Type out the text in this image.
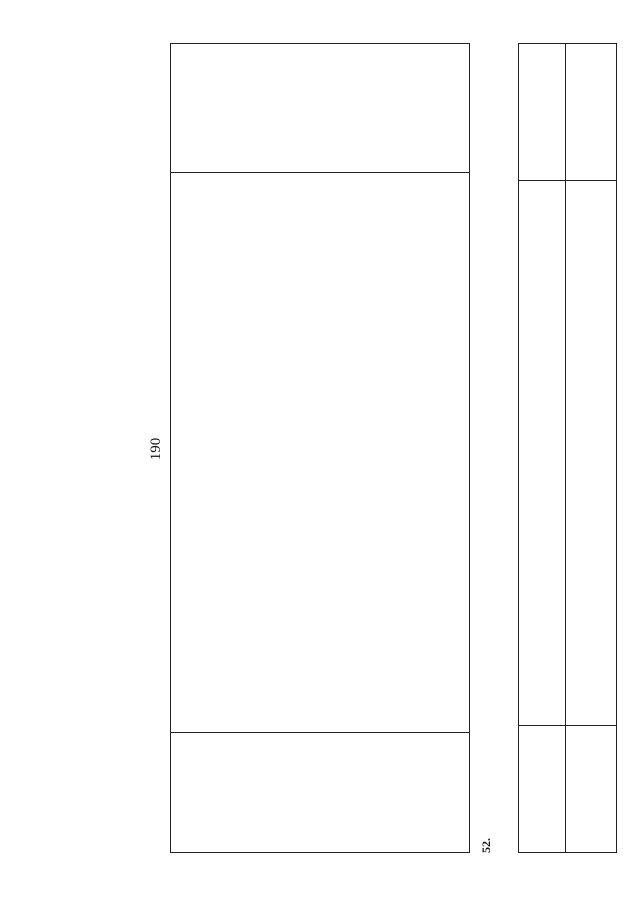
190
52.
